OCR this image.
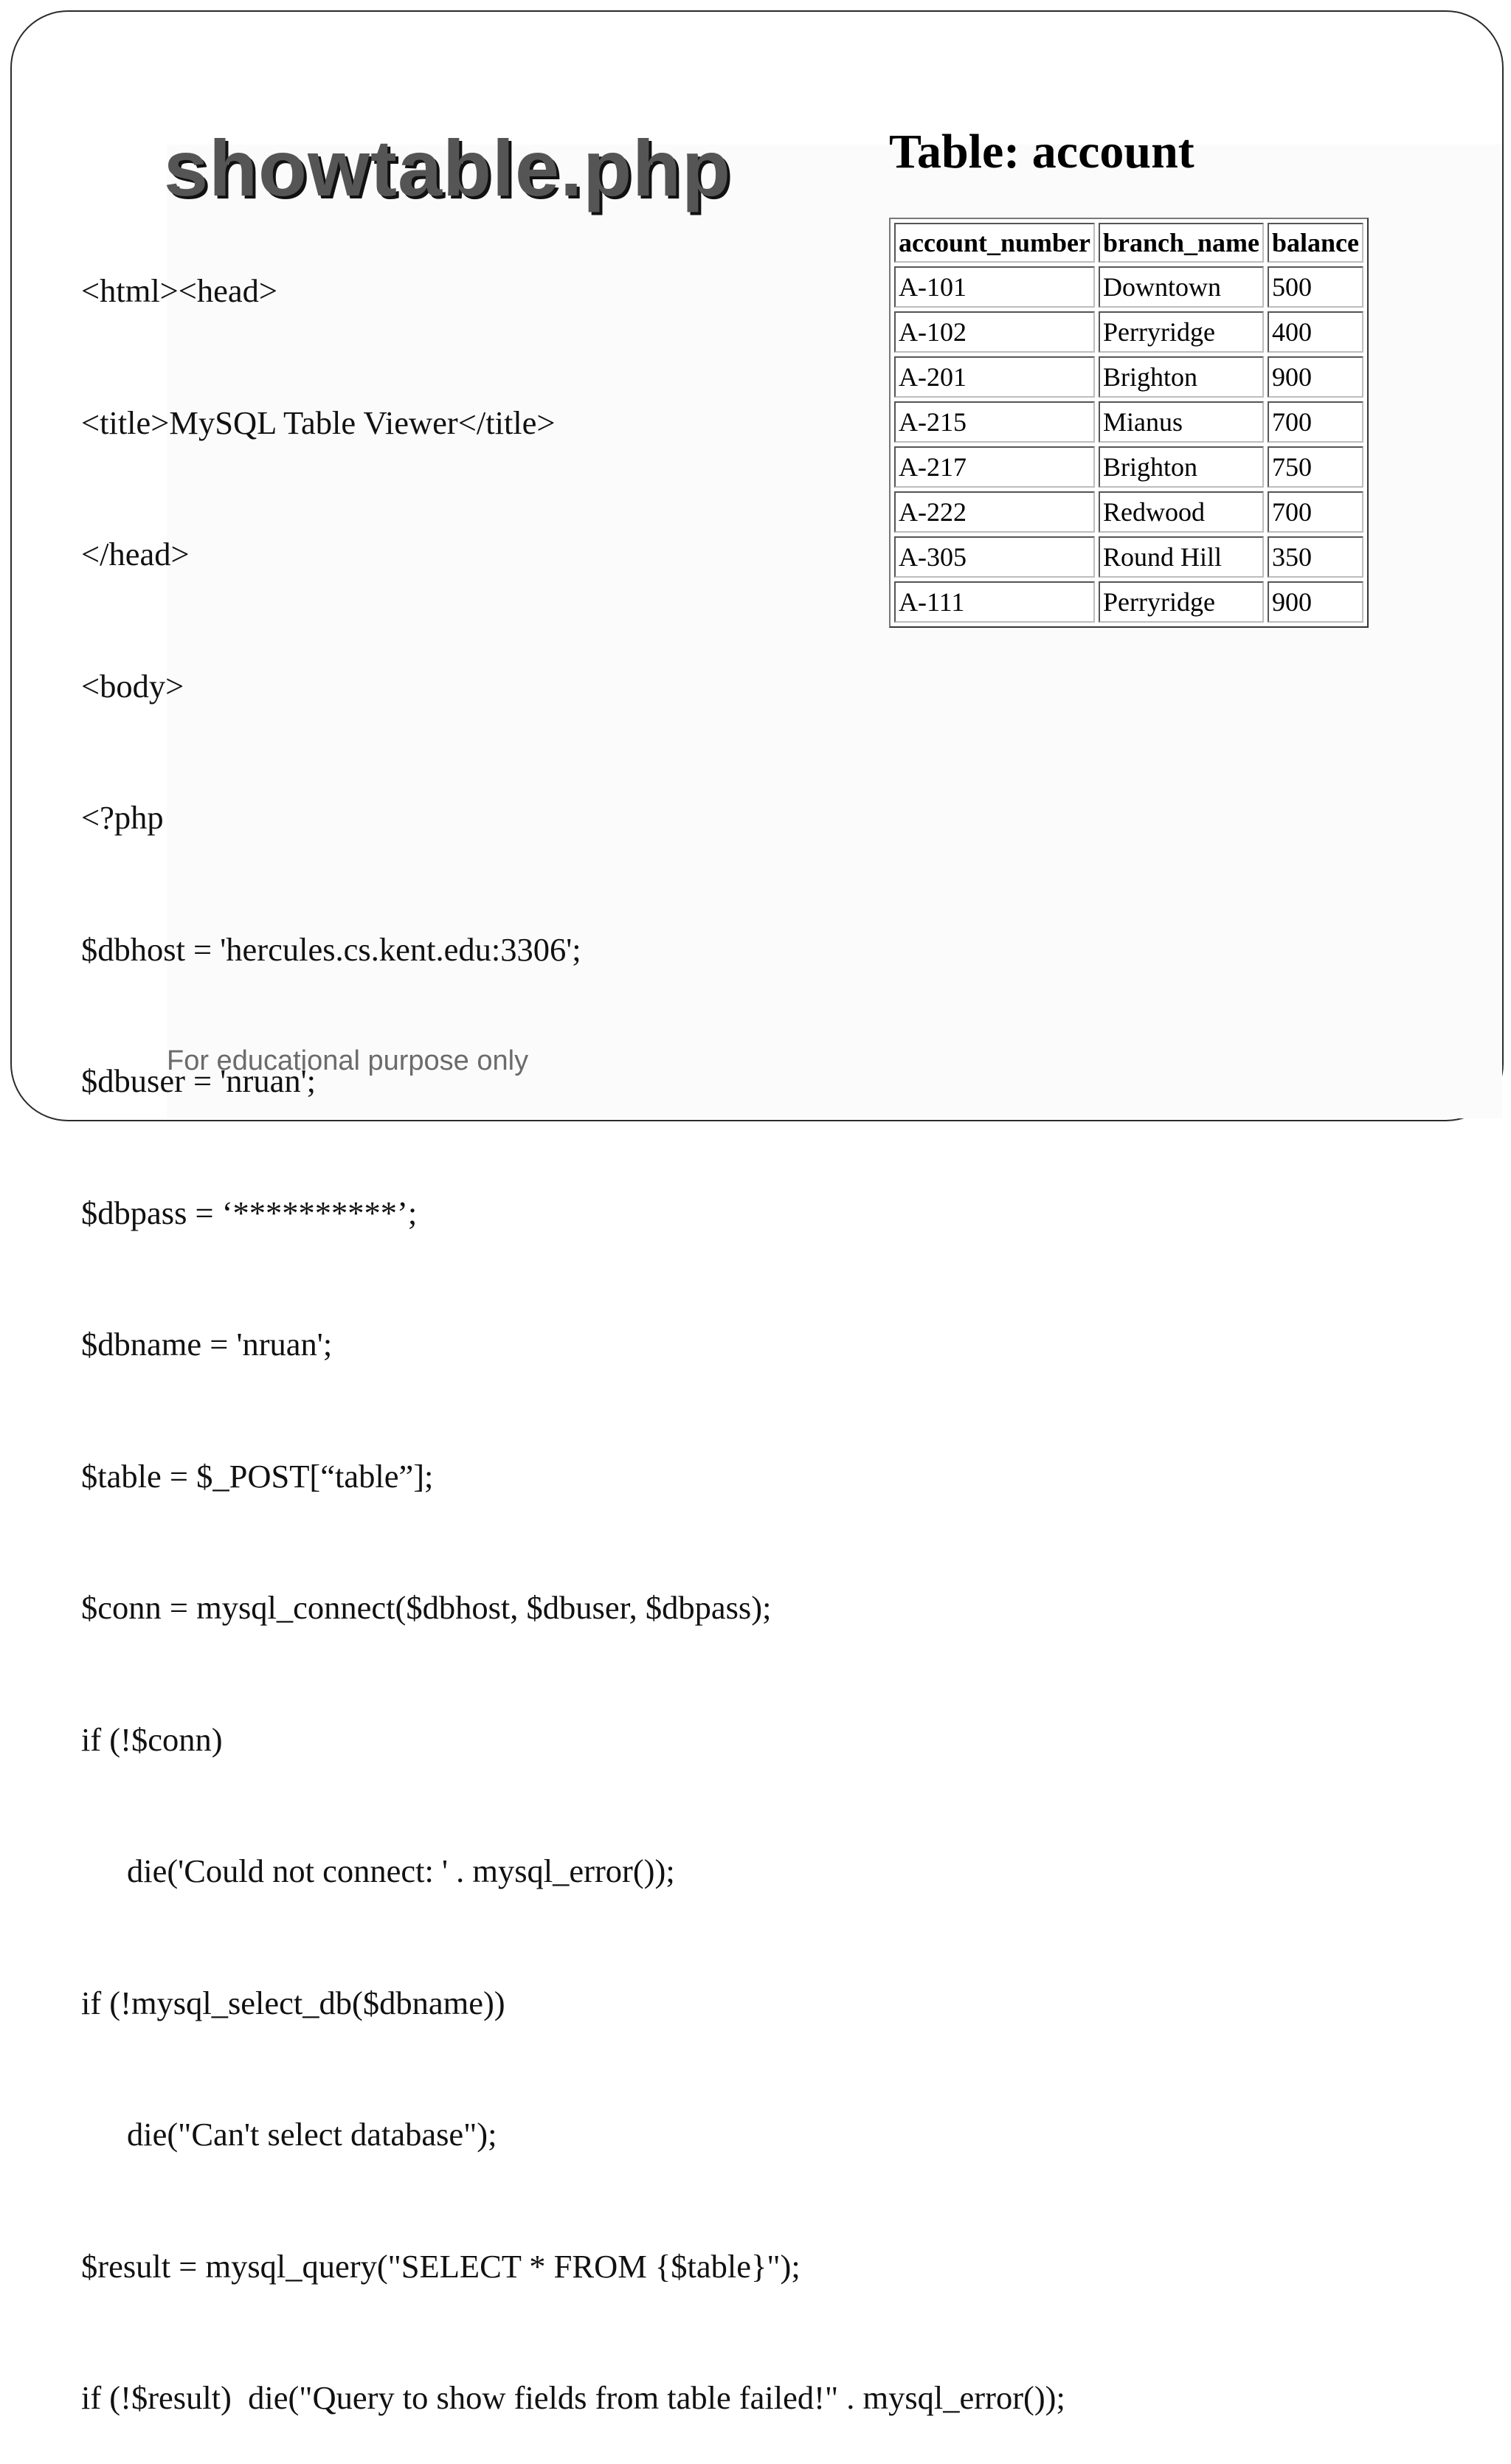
<html><head>

<title>MySQL Table Viewer</title>

</head>

<body>

<?php

$dbhost = 'hercules.cs.kent.edu:3306';

$dbuser = 'nruan';

$dbpass = ‘**********’;

$dbname = 'nruan';

$table = $_POST[“table”];

$conn = mysql_connect($dbhost, $dbuser, $dbpass);

if (!$conn)

die('Could not connect: ' . mysql_error());

if (!mysql_select_db($dbname))

die("Can't select database");

$result = mysql_query("SELECT * FROM {$table}");

if (!$result)  die("Query to show fields from table failed!" . mysql_error());

showtable.php	Table: account
account_number	branch_name	balance
A-101	Downtown	500
A-102	Perryridge	400
A-201	Brighton	900
A-215	Mianus	700
A-217	Brighton	750
A-222	Redwood	700
A-305	Round Hill	350
A-111	Perryridge	900
For educational purpose only
